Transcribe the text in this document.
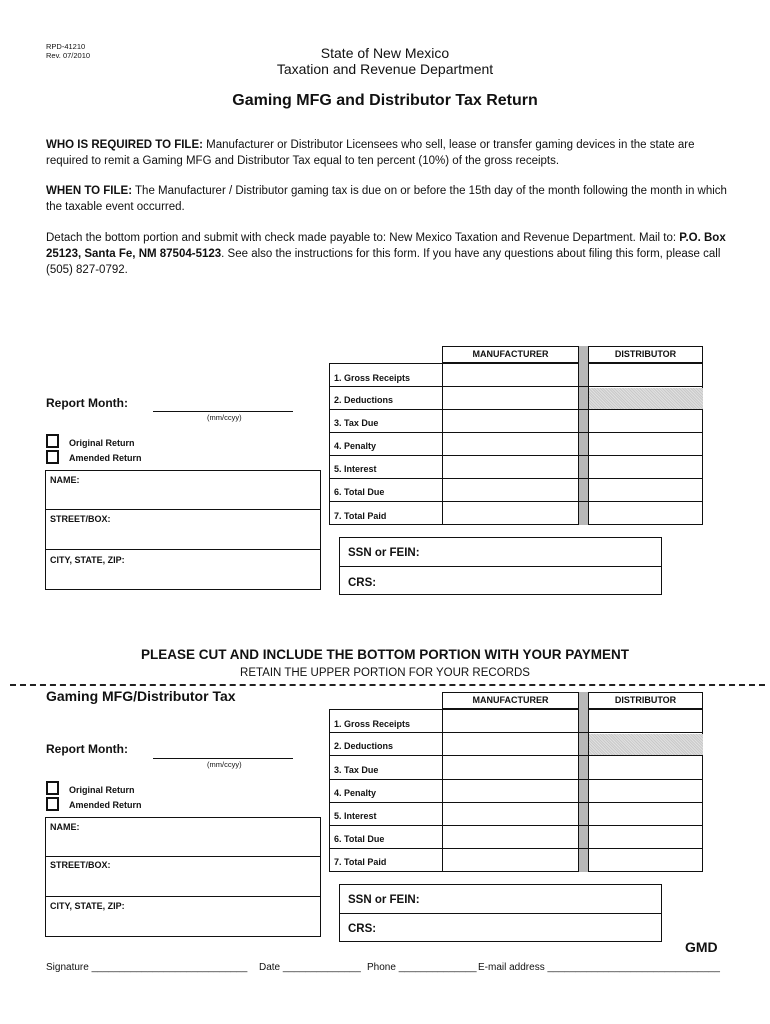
RPD-41210
Rev. 07/2010	State of New Mexico
Taxation and Revenue Department
Gaming MFG and Distributor Tax Return
WHO IS REQUIRED TO FILE: Manufacturer or Distributor Licensees who sell, lease or transfer gaming devices in the state are required to remit a Gaming MFG and Distributor Tax equal to ten percent (10%) of the gross receipts.
WHEN TO FILE: The Manufacturer / Distributor gaming tax is due on or before the 15th day of the month following the month in which the taxable event occurred.
Detach the bottom portion and submit with check made payable to: New Mexico Taxation and Revenue Department. Mail to: P.O. Box 25123, Santa Fe, NM 87504-5123. See also the instructions for this form. If you have any questions about filing this form, please call (505) 827-0792.
MANUFACTURER	DISTRIBUTOR
1. Gross Receipts
2. Deductions
3. Tax Due
4. Penalty
5. Interest
6. Total Due
7. Total Paid
Report Month:
(mm/ccyy)
Original Return
Amended Return
NAME:
STREET/BOX:
CITY, STATE, ZIP:
SSN or FEIN:
CRS:
PLEASE CUT AND INCLUDE THE BOTTOM PORTION WITH YOUR PAYMENT
RETAIN THE UPPER PORTION FOR YOUR RECORDS
Gaming MFG/Distributor Tax	MANUFACTURER	DISTRIBUTOR
1. Gross Receipts
2. Deductions
3. Tax Due
4. Penalty
5. Interest
6. Total Due
7. Total Paid
Report Month:
(mm/ccyy)
Original Return
Amended Return
NAME:
STREET/BOX:
CITY, STATE, ZIP:	SSN or FEIN:
CRS:
GMD
Signature ____________________________ Date ______________ Phone ______________ E-mail address _______________________________
